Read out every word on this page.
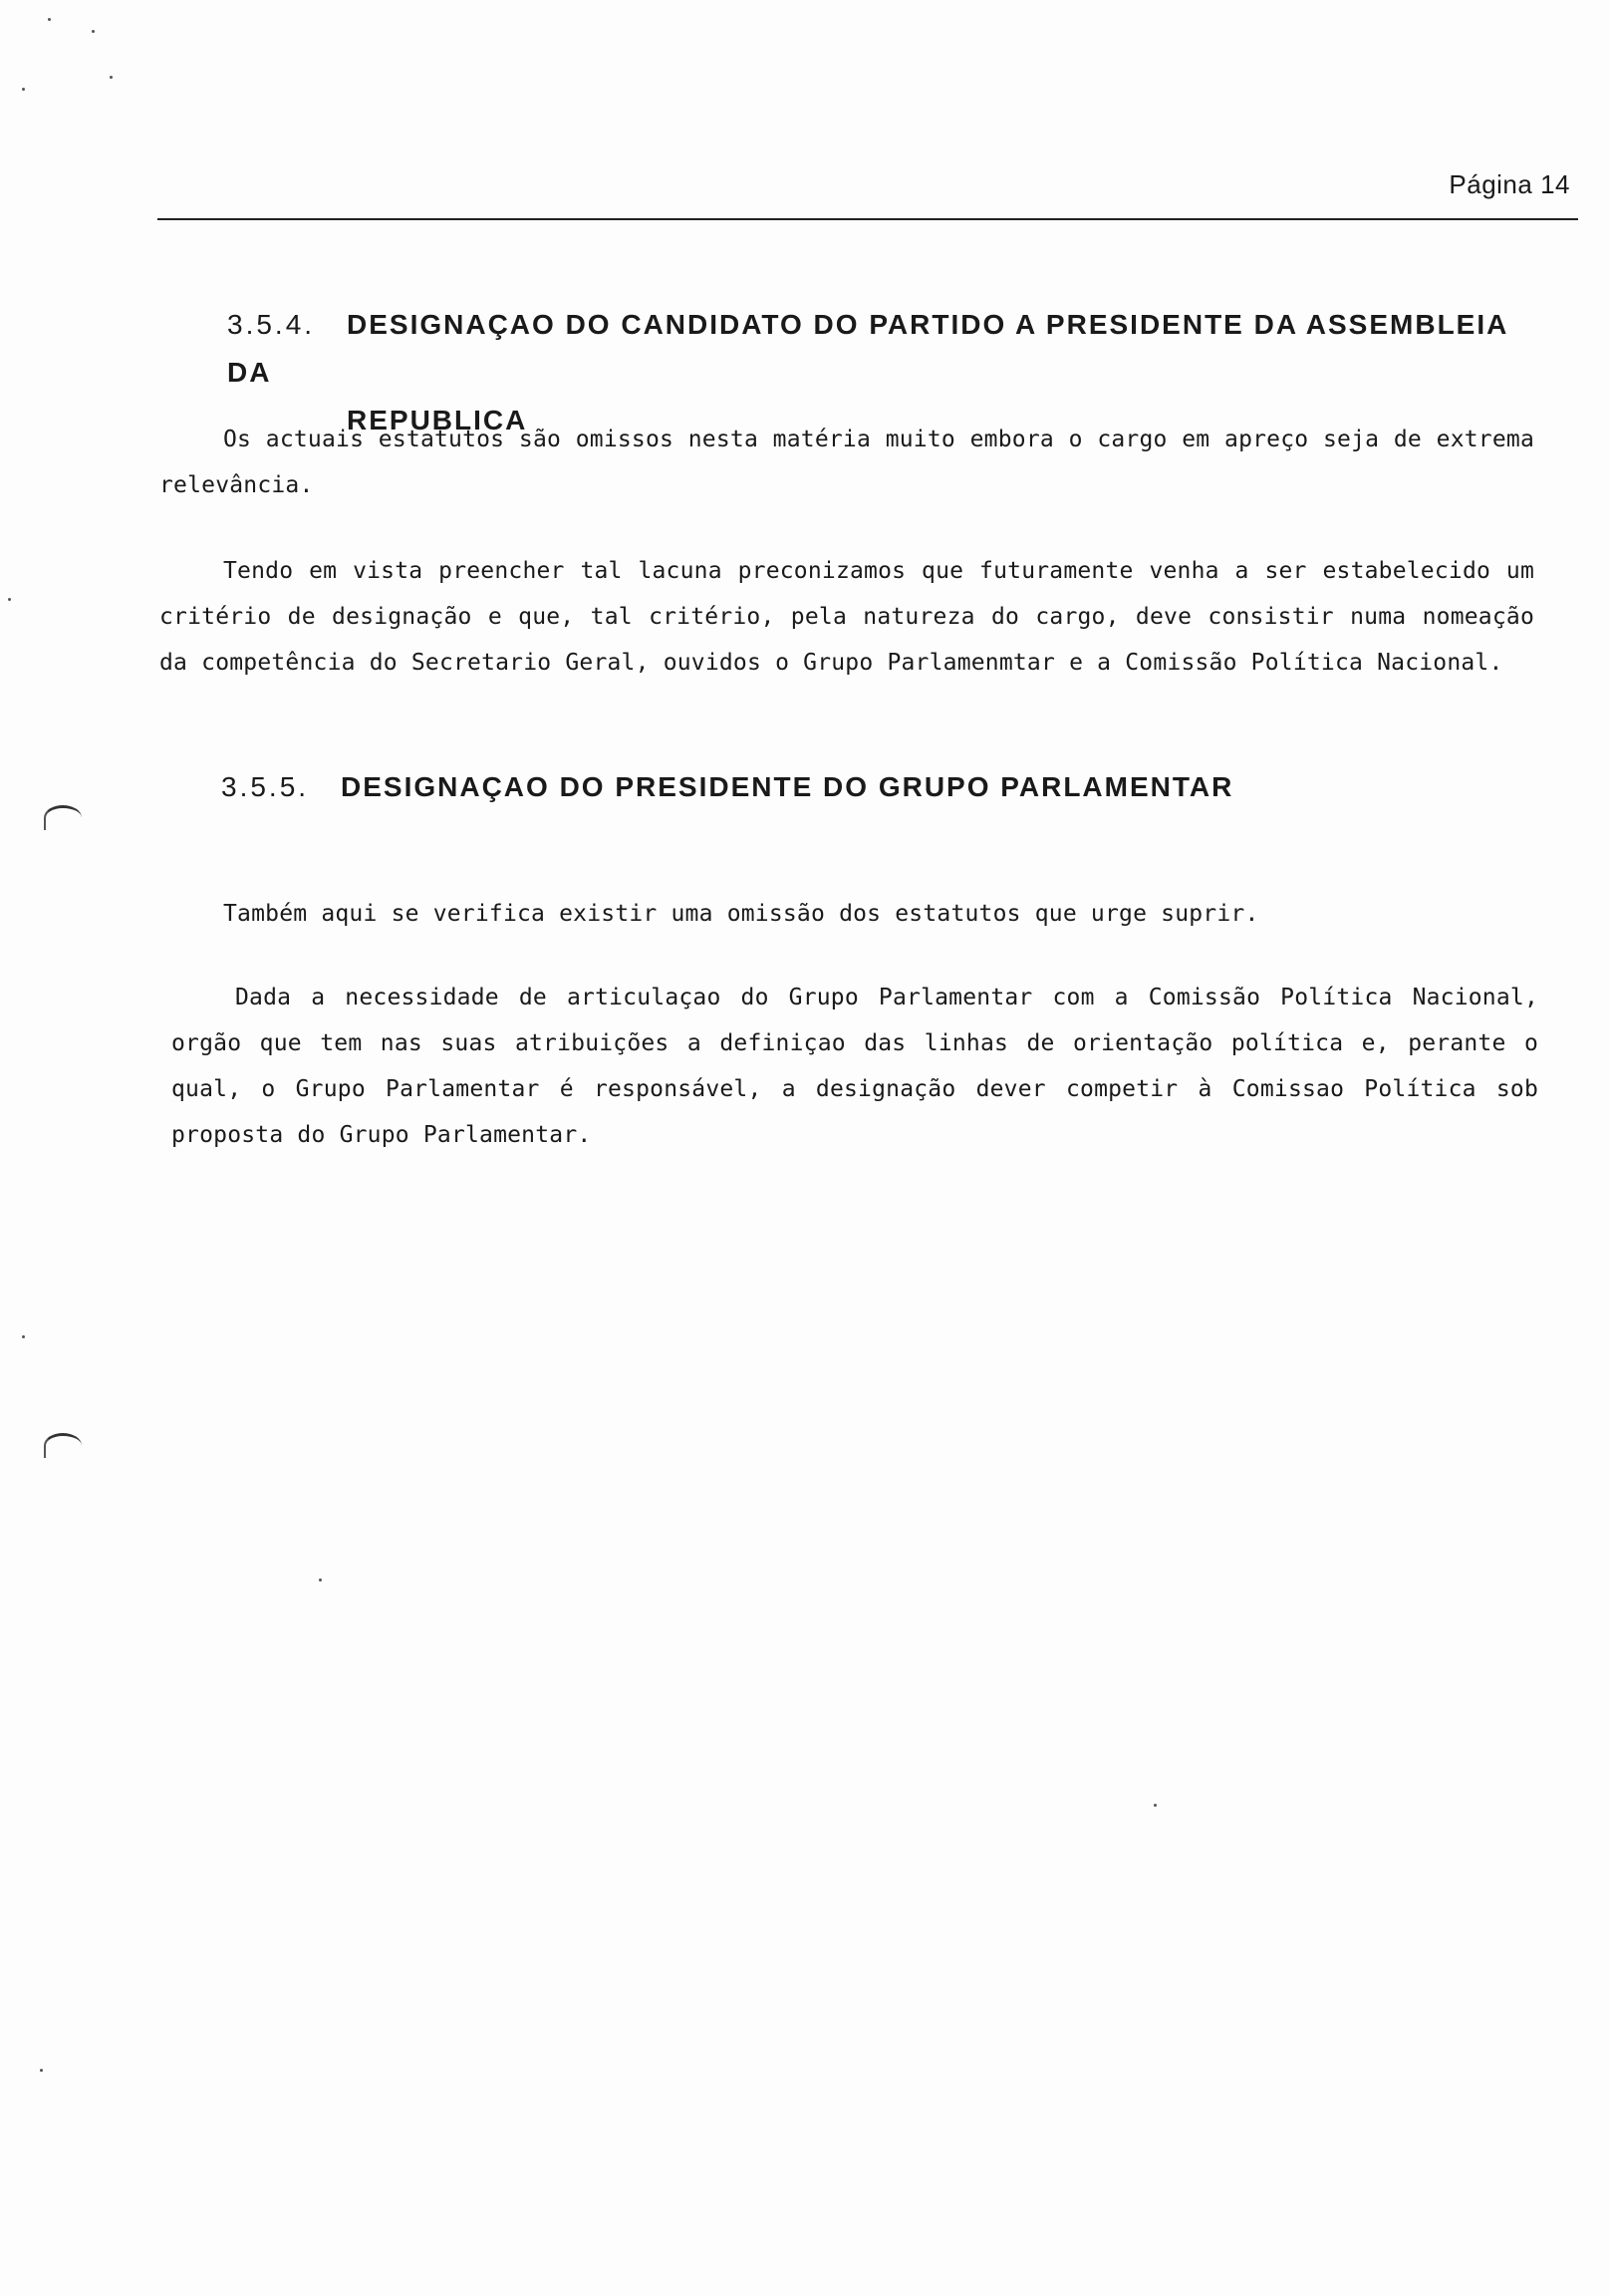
Página 14
3.5.4. DESIGNAÇAO DO CANDIDATO DO PARTIDO A PRESIDENTE DA ASSEMBLEIA DA
REPUBLICA
Os actuais estatutos são omissos nesta matéria muito embora o cargo em apreço seja de extrema relevância.
Tendo em vista preencher tal lacuna preconizamos que futuramente venha a ser estabelecido um critério de designação e que, tal critério, pela natureza do cargo, deve consistir numa nomeação da competência do Secretario Geral, ouvidos o Grupo Parlamenmtar e a Comissão Política Nacional.
3.5.5. DESIGNAÇAO DO PRESIDENTE DO GRUPO PARLAMENTAR
Também aqui se verifica existir uma omissão dos estatutos que urge suprir.
Dada a necessidade de articulaçao do Grupo Parlamentar com a Comissão Política Nacional, orgão que tem nas suas atribuições a definiçao das linhas de orientação política e, perante o qual, o Grupo Parlamentar é responsável, a designação dever competir à Comissao Política sob proposta do Grupo Parlamentar.
